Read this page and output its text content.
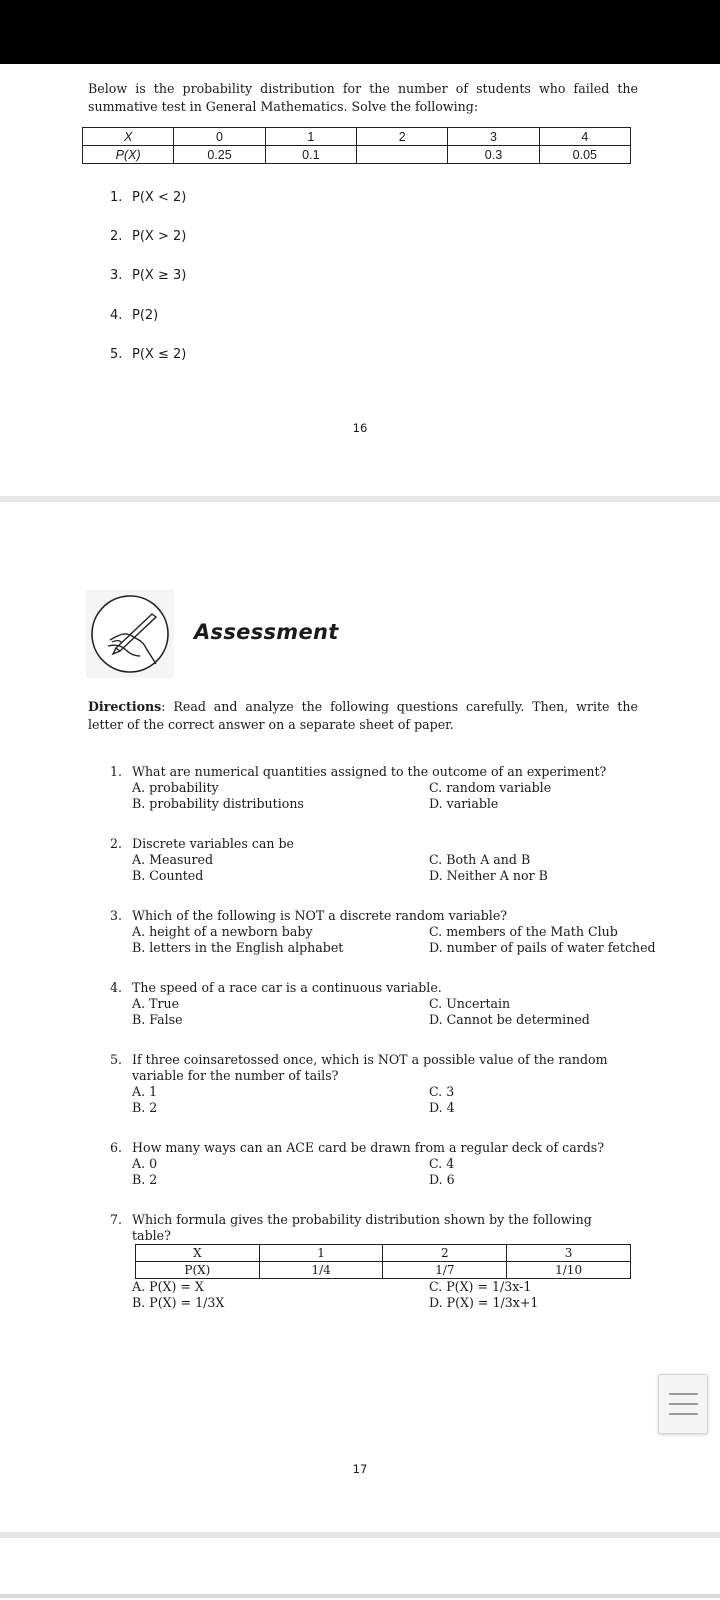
Below is the probability distribution for the number of students who failed the summative test in General Mathematics. Solve the following:

X	0	1	2	3	4
P(X)	0.25	0.1		0.3	0.05
1. P(X < 2)
2. P(X > 2)
3. P(X ≥ 3)
4. P(2)
5. P(X ≤ 2)
16
Assessment

Directions: Read and analyze the following questions carefully. Then, write the letter of the correct answer on a separate sheet of paper.

1. What are numerical quantities assigned to the outcome of an experiment?
A. probability	C. random variable
B. probability distributions	D. variable
2. Discrete variables can be
A. Measured	C. Both A and B
B. Counted	D. Neither A nor B
3. Which of the following is NOT a discrete random variable?
A. height of a newborn baby	C. members of the Math Club
B. letters in the English alphabet	D. number of pails of water fetched
4. The speed of a race car is a continuous variable.
A. True	C. Uncertain
B. False	D. Cannot be determined
5. If three coinsaretossed once, which is NOT a possible value of the random variable for the number of tails?
A. 1	C. 3
B. 2	D. 4
6. How many ways can an ACE card be drawn from a regular deck of cards?
A. 0	C. 4
B. 2	D. 6
7. Which formula gives the probability distribution shown by the following table?
X	1	2	3
P(X)	1/4	1/7	1/10
A. P(X) = X	C. P(X) = 1/3x-1
B. P(X) = 1/3X	D. P(X) = 1/3x+1
17
